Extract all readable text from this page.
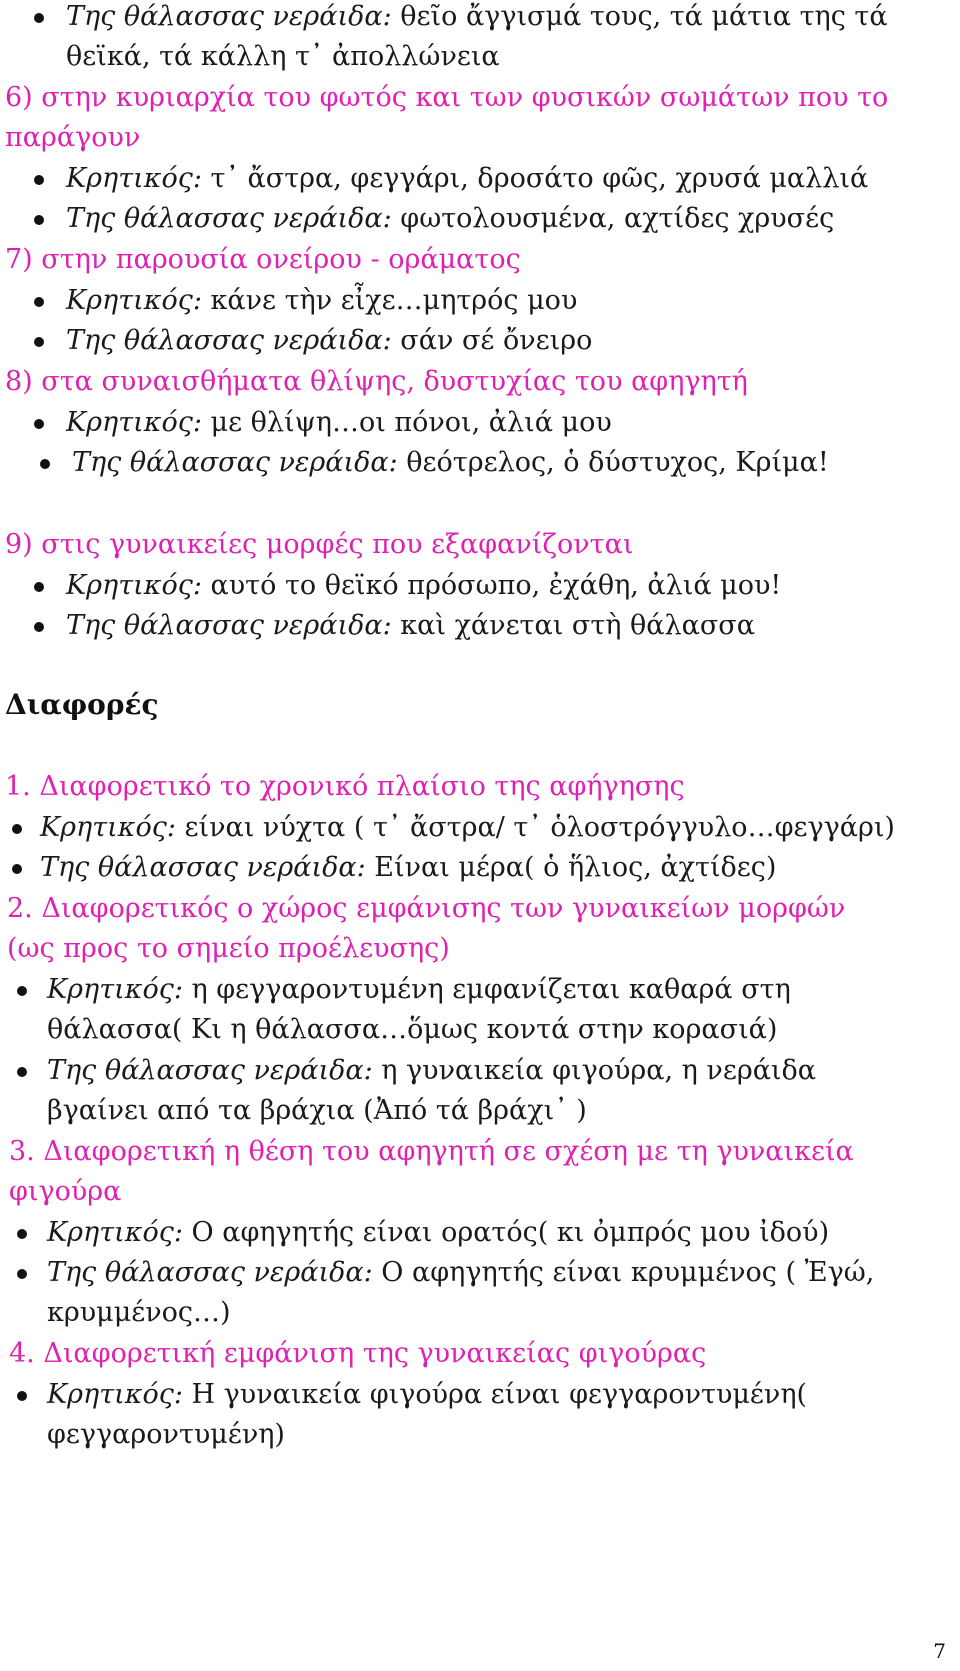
Της θάλασσας νεράιδα: θεῖο ἄγγισμά τους, τά μάτια της τά
θεϊκά, τά κάλλη τ᾽ ἀπολλώνεια
6) στην κυριαρχία του φωτός και των φυσικών σωμάτων που το
παράγουν
Κρητικός: τ᾽ ἄστρα, φεγγάρι, δροσάτο φῶς, χρυσά μαλλιά
Της θάλασσας νεράιδα: φωτολουσμένα, αχτίδες χρυσές
7) στην παρουσία ονείρου - οράματος
Κρητικός: κάνε τὴν εἶχε…μητρός μου
Της θάλασσας νεράιδα: σάν σέ ὄνειρο
8) στα συναισθήματα θλίψης, δυστυχίας του αφηγητή
Κρητικός: με θλίψη…οι πόνοι, ἀλιά μου
Της θάλασσας νεράιδα: θεότρελος, ὁ δύστυχος, Κρίμα!
9) στις γυναικείες μορφές που εξαφανίζονται
Κρητικός: αυτό το θεϊκό πρόσωπο, ἐχάθη, ἀλιά μου!
Της θάλασσας νεράιδα: καὶ χάνεται στὴ θάλασσα
Διαφορές
1. Διαφορετικό το χρονικό πλαίσιο της αφήγησης
Κρητικός: είναι νύχτα ( τ᾽ ἄστρα/ τ᾽ ὁλοστρόγγυλο…φεγγάρι)
Της θάλασσας νεράιδα: Είναι μέρα( ὁ ἥλιος, ἀχτίδες)
2. Διαφορετικός ο χώρος εμφάνισης των γυναικείων μορφών
(ως προς το σημείο προέλευσης)
Κρητικός: η φεγγαροντυμένη εμφανίζεται καθαρά στη
θάλασσα( Κι η θάλασσα…ὅμως κοντά στην κορασιά)
Της θάλασσας νεράιδα: η γυναικεία φιγούρα, η νεράιδα
βγαίνει από τα βράχια (Ἀπό τά βράχι᾽ )
3. Διαφορετική η θέση του αφηγητή σε σχέση με τη γυναικεία
φιγούρα
Κρητικός: Ο αφηγητής είναι ορατός( κι ὀμπρός μου ἰδού)
Της θάλασσας νεράιδα: Ο αφηγητής είναι κρυμμένος ( Ἐγώ,
κρυμμένος…)
4. Διαφορετική εμφάνιση της γυναικείας φιγούρας
Κρητικός: Η γυναικεία φιγούρα είναι φεγγαροντυμένη(
φεγγαροντυμένη)
7
